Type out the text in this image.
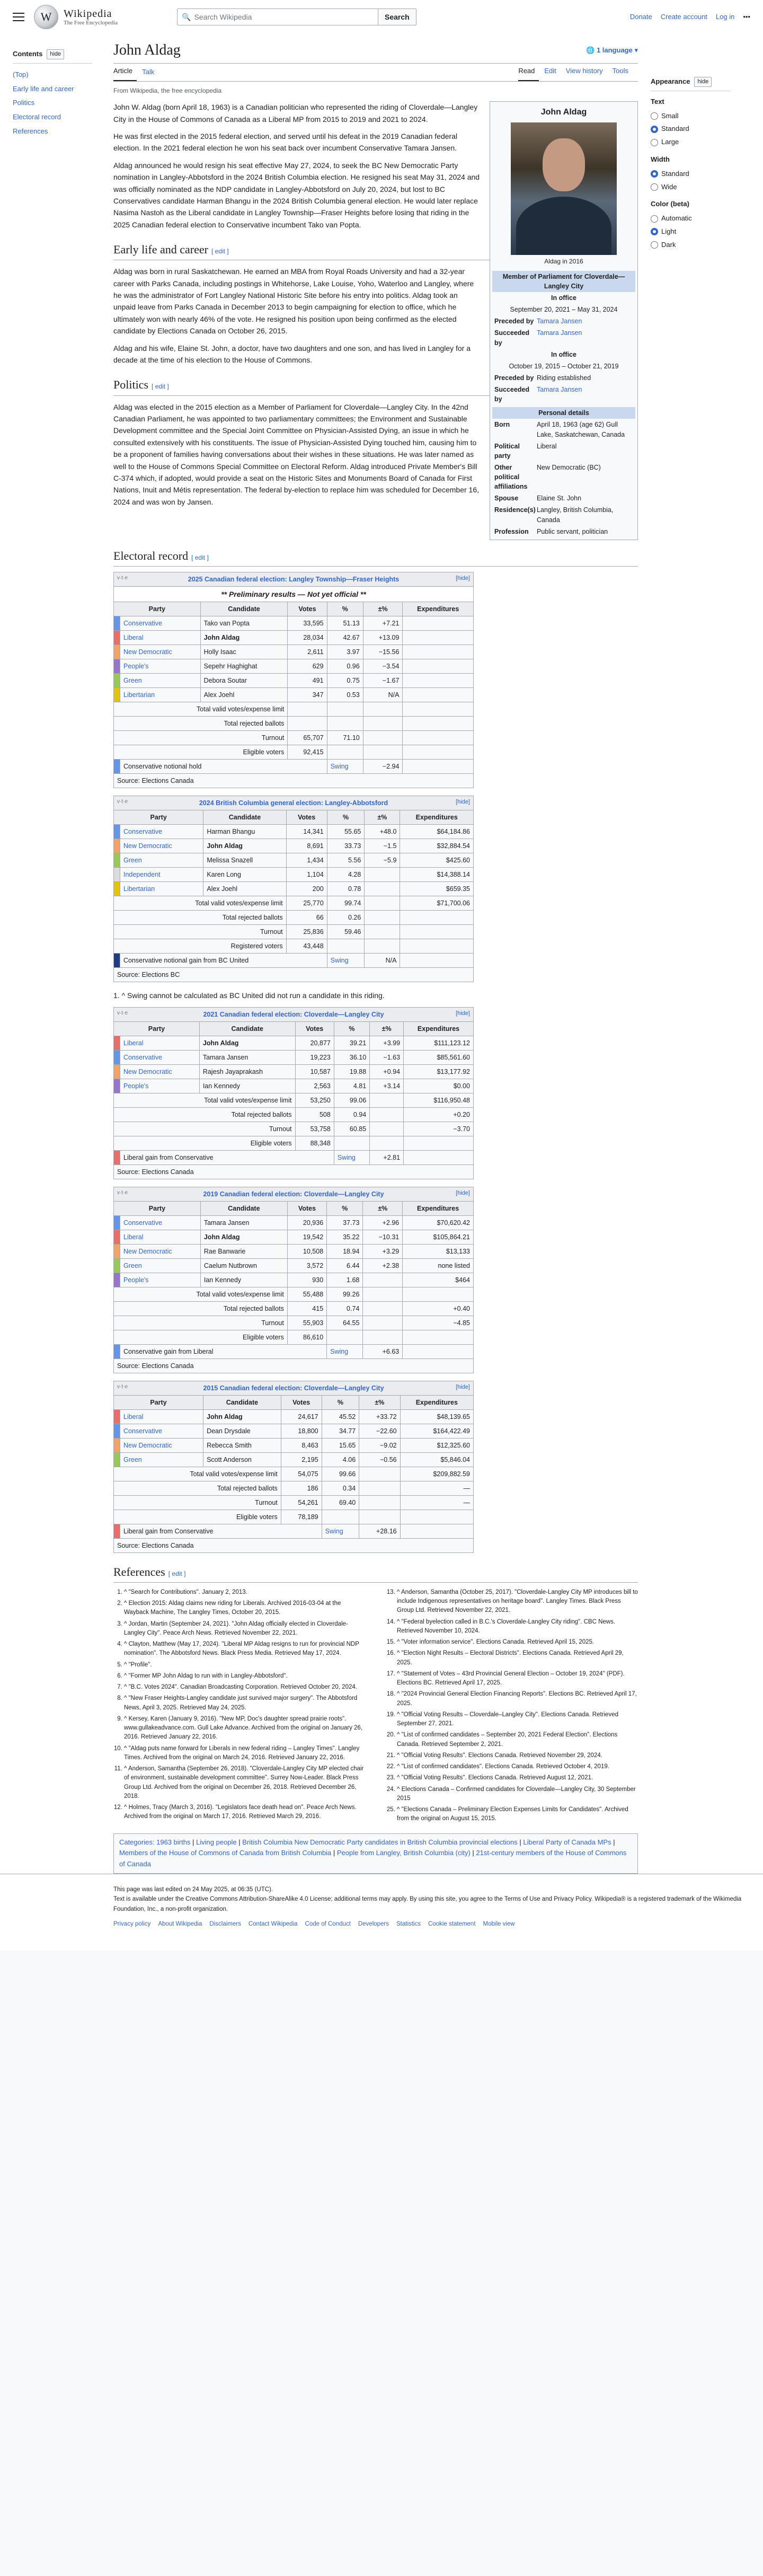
W	Wikipedia
The Free Encyclopedia
🔍 Search Wikipedia	Search	Donate Create account Log in •••
Contents	hide
(Top)
Early life and career
Politics
Electoral record
References
John Aldag	🌐 1 language ▾
Article	Talk	Read	Edit	View history	Tools
From Wikipedia, the free encyclopedia
John Aldag
Aldag in 2016
Member of Parliament for Cloverdale—Langley City
In office
September 20, 2021 – May 31, 2024
Preceded by Tamara Jansen
Succeeded by
Tamara Jansen
In office
October 19, 2015 – October 21, 2019
Preceded by Riding established
Succeeded by
Tamara Jansen
Personal details
Born	April 18, 1963 (age 62) Gull Lake, Saskatchewan, Canada
Political party
Liberal
Other political affiliations
New Democratic (BC)
Spouse	Elaine St. John
Residence(s) Langley, British Columbia, Canada
Profession	Public servant, politician

John W. Aldag (born April 18, 1963) is a Canadian politician who represented the riding of Cloverdale—Langley City in the House of Commons of Canada as a Liberal MP from 2015 to 2019 and 2021 to 2024.

He was first elected in the 2015 federal election, and served until his defeat in the 2019 Canadian federal election. In the 2021 federal election he won his seat back over incumbent Conservative Tamara Jansen.

Aldag announced he would resign his seat effective May 27, 2024, to seek the BC New Democratic Party nomination in Langley-Abbotsford in the 2024 British Columbia election. He resigned his seat May 31, 2024 and was officially nominated as the NDP candidate in Langley-Abbotsford on July 20, 2024, but lost to BC Conservatives candidate Harman Bhangu in the 2024 British Columbia general election. He would later replace Nasima Nastoh as the Liberal candidate in Langley Township—Fraser Heights before losing that riding in the 2025 Canadian federal election to Conservative incumbent Tako van Popta.

Early life and career [ edit ]

Aldag was born in rural Saskatchewan. He earned an MBA from Royal Roads University and had a 32-year career with Parks Canada, including postings in Whitehorse, Lake Louise, Yoho, Waterloo and Langley, where he was the administrator of Fort Langley National Historic Site before his entry into politics. Aldag took an unpaid leave from Parks Canada in December 2013 to begin campaigning for election to office, which he ultimately won with nearly 46% of the vote. He resigned his position upon being confirmed as the elected candidate by Elections Canada on October 26, 2015.

Aldag and his wife, Elaine St. John, a doctor, have two daughters and one son, and has lived in Langley for a decade at the time of his election to the House of Commons.

Politics [ edit ]

Aldag was elected in the 2015 election as a Member of Parliament for Cloverdale—Langley City. In the 42nd Canadian Parliament, he was appointed to two parliamentary committees; the Environment and Sustainable Development committee and the Special Joint Committee on Physician-Assisted Dying, an issue in which he consulted extensively with his constituents. The issue of Physician-Assisted Dying touched him, causing him to be a proponent of families having conversations about their wishes in these situations. He was later named as well to the House of Commons Special Committee on Electoral Reform. Aldag introduced Private Member's Bill C-374 which, if adopted, would provide a seat on the Historic Sites and Monuments Board of Canada for First Nations, Inuit and Métis representation. The federal by-election to replace him was scheduled for December 16, 2024 and was won by Jansen.

Electoral record [ edit ]
v·t·e 2025 Canadian federal election: Langley Township—Fraser Heights [hide]						

** Preliminary results — Not yet official **						
Party		Candidate	Votes	%	±%	Expenditures
	Conservative	Tako van Popta	33,595	51.13	+7.21	
	Liberal	John Aldag	28,034	42.67	+13.09	
	New Democratic	Holly Isaac	2,611	3.97	−15.56	
	People's	Sepehr Haghighat	629	0.96	−3.54	
	Green	Debora Soutar	491	0.75	−1.67	
	Libertarian	Alex Joehl	347	0.53	N/A	
Total valid votes/expense limit						
Total rejected ballots						
Turnout			65,707	71.10		
Eligible voters			92,415			
	Conservative notional hold			Swing	−2.94	
Source: Elections Canada						
v·t·e 2024 British Columbia general election: Langley-Abbotsford [hide]						

Party		Candidate	Votes	%	±%	Expenditures
	Conservative	Harman Bhangu	14,341	55.65	+48.0	$64,184.86
	New Democratic	John Aldag	8,691	33.73	−1.5	$32,884.54
	Green	Melissa Snazell	1,434	5.56	−5.9	$425.60
	Independent	Karen Long	1,104	4.28		$14,388.14
	Libertarian	Alex Joehl	200	0.78		$659.35
Total valid votes/expense limit			25,770	99.74		$71,700.06
Total rejected ballots			66	0.26		
Turnout			25,836	59.46		
Registered voters			43,448			
	Conservative notional gain from BC United			Swing	N/A	
Source: Elections BC						
1. ^ Swing cannot be calculated as BC United did not run a candidate in this riding.
v·t·e 2021 Canadian federal election: Cloverdale—Langley City [hide]						

Party		Candidate	Votes	%	±%	Expenditures
	Liberal	John Aldag	20,877	39.21	+3.99	$111,123.12
	Conservative	Tamara Jansen	19,223	36.10	−1.63	$85,561.60
	New Democratic	Rajesh Jayaprakash	10,587	19.88	+0.94	$13,177.92
	People's	Ian Kennedy	2,563	4.81	+3.14	$0.00
Total valid votes/expense limit			53,250	99.06		$116,950.48
Total rejected ballots			508	0.94		+0.20
Turnout			53,758	60.85		−3.70
Eligible voters			88,348			
	Liberal gain from Conservative			Swing	+2.81	
Source: Elections Canada						
v·t·e 2019 Canadian federal election: Cloverdale—Langley City [hide]						

Party		Candidate	Votes	%	±%	Expenditures
	Conservative	Tamara Jansen	20,936	37.73	+2.96	$70,620.42
	Liberal	John Aldag	19,542	35.22	−10.31	$105,864.21
	New Democratic	Rae Banwarie	10,508	18.94	+3.29	$13,133
	Green	Caelum Nutbrown	3,572	6.44	+2.38	none listed
	People's	Ian Kennedy	930	1.68		$464
Total valid votes/expense limit			55,488	99.26		
Total rejected ballots			415	0.74		+0.40
Turnout			55,903	64.55		−4.85
Eligible voters			86,610			
	Conservative gain from Liberal			Swing	+6.63	
Source: Elections Canada						
v·t·e 2015 Canadian federal election: Cloverdale—Langley City [hide]						

Party		Candidate	Votes	%	±%	Expenditures
	Liberal	John Aldag	24,617	45.52	+33.72	$48,139.65
	Conservative	Dean Drysdale	18,800	34.77	−22.60	$164,422.49
	New Democratic	Rebecca Smith	8,463	15.65	−9.02	$12,325.60
	Green	Scott Anderson	2,195	4.06	−0.56	$5,846.04
Total valid votes/expense limit			54,075	99.66		$209,882.59
Total rejected ballots			186	0.34		—
Turnout			54,261	69.40		—
Eligible voters			78,189			
	Liberal gain from Conservative			Swing	+28.16	
Source: Elections Canada						
References [ edit ]
1. ^ "Search for Contributions". January 2, 2013.
2. ^ Election 2015: Aldag claims new riding for Liberals. Archived 2016-03-04 at the Wayback Machine, The Langley Times, October 20, 2015.
3. ^ Jordan, Martin (September 24, 2021). "John Aldag officially elected in Cloverdale-Langley City". Peace Arch News. Retrieved November 22, 2021.
4. ^ Clayton, Matthew (May 17, 2024). "Liberal MP Aldag resigns to run for provincial NDP nomination". The Abbotsford News. Black Press Media. Retrieved May 17, 2024.
5. ^ "Profile".
6. ^ "Former MP John Aldag to run with in Langley-Abbotsford".
7. ^ "B.C. Votes 2024". Canadian Broadcasting Corporation. Retrieved October 20, 2024.
8. ^ "New Fraser Heights-Langley candidate just survived major surgery". The Abbotsford News, April 3, 2025. Retrieved May 24, 2025.
9. ^ Kersey, Karen (January 9, 2016). "New MP, Doc's daughter spread prairie roots". www.gullakeadvance.com. Gull Lake Advance. Archived from the original on January 26, 2016. Retrieved January 22, 2016.
10. ^ "Aldag puts name forward for Liberals in new federal riding – Langley Times". Langley Times. Archived from the original on March 24, 2016. Retrieved January 22, 2016.
11. ^ Anderson, Samantha (September 26, 2018). "Cloverdale-Langley City MP elected chair of environment, sustainable development committee". Surrey Now-Leader. Black Press Group Ltd. Archived from the original on December 26, 2018. Retrieved December 26, 2018.
12. ^ Holmes, Tracy (March 3, 2016). "Legislators face death head on". Peace Arch News. Archived from the original on March 17, 2016. Retrieved March 29, 2016.
13. ^ Anderson, Samantha (October 25, 2017). "Cloverdale-Langley City MP introduces bill to include Indigenous representatives on heritage board". Langley Times. Black Press Group Ltd. Retrieved November 22, 2021.
14. ^ "Federal byelection called in B.C.'s Cloverdale-Langley City riding". CBC News. Retrieved November 10, 2024.
15. ^ "Voter information service". Elections Canada. Retrieved April 15, 2025.
16. ^ "Election Night Results – Electoral Districts". Elections Canada. Retrieved April 29, 2025.
17. ^ "Statement of Votes – 43rd Provincial General Election – October 19, 2024" (PDF). Elections BC. Retrieved April 17, 2025.
18. ^ "2024 Provincial General Election Financing Reports". Elections BC. Retrieved April 17, 2025.
19. ^ "Official Voting Results – Cloverdale–Langley City". Elections Canada. Retrieved September 27, 2021.
20. ^ "List of confirmed candidates – September 20, 2021 Federal Election". Elections Canada. Retrieved September 2, 2021.
21. ^ "Official Voting Results". Elections Canada. Retrieved November 29, 2024.
22. ^ "List of confirmed candidates". Elections Canada. Retrieved October 4, 2019.
23. ^ "Official Voting Results". Elections Canada. Retrieved August 12, 2021.
24. ^ Elections Canada – Confirmed candidates for Cloverdale—Langley City, 30 September 2015
25. ^ "Elections Canada – Preliminary Election Expenses Limits for Candidates". Archived from the original on August 15, 2015.
Categories: 1963 births | Living people | British Columbia New Democratic Party candidates in British Columbia provincial elections | Liberal Party of Canada MPs | Members of the House of Commons of Canada from British Columbia | People from Langley, British Columbia (city) | 21st-century members of the House of Commons of Canada
Appearance	hide
Text
Small
Standard
Large
Width
Standard
Wide
Color (beta)
Automatic
Light
Dark
This page was last edited on 24 May 2025, at 06:35 (UTC).
Text is available under the Creative Commons Attribution-ShareAlike 4.0 License; additional terms may apply. By using this site, you agree to the Terms of Use and Privacy Policy. Wikipedia® is a registered trademark of the Wikimedia Foundation, Inc., a non-profit organization.
Privacy policy About Wikipedia Disclaimers Contact Wikipedia Code of Conduct Developers Statistics Cookie statement Mobile view
